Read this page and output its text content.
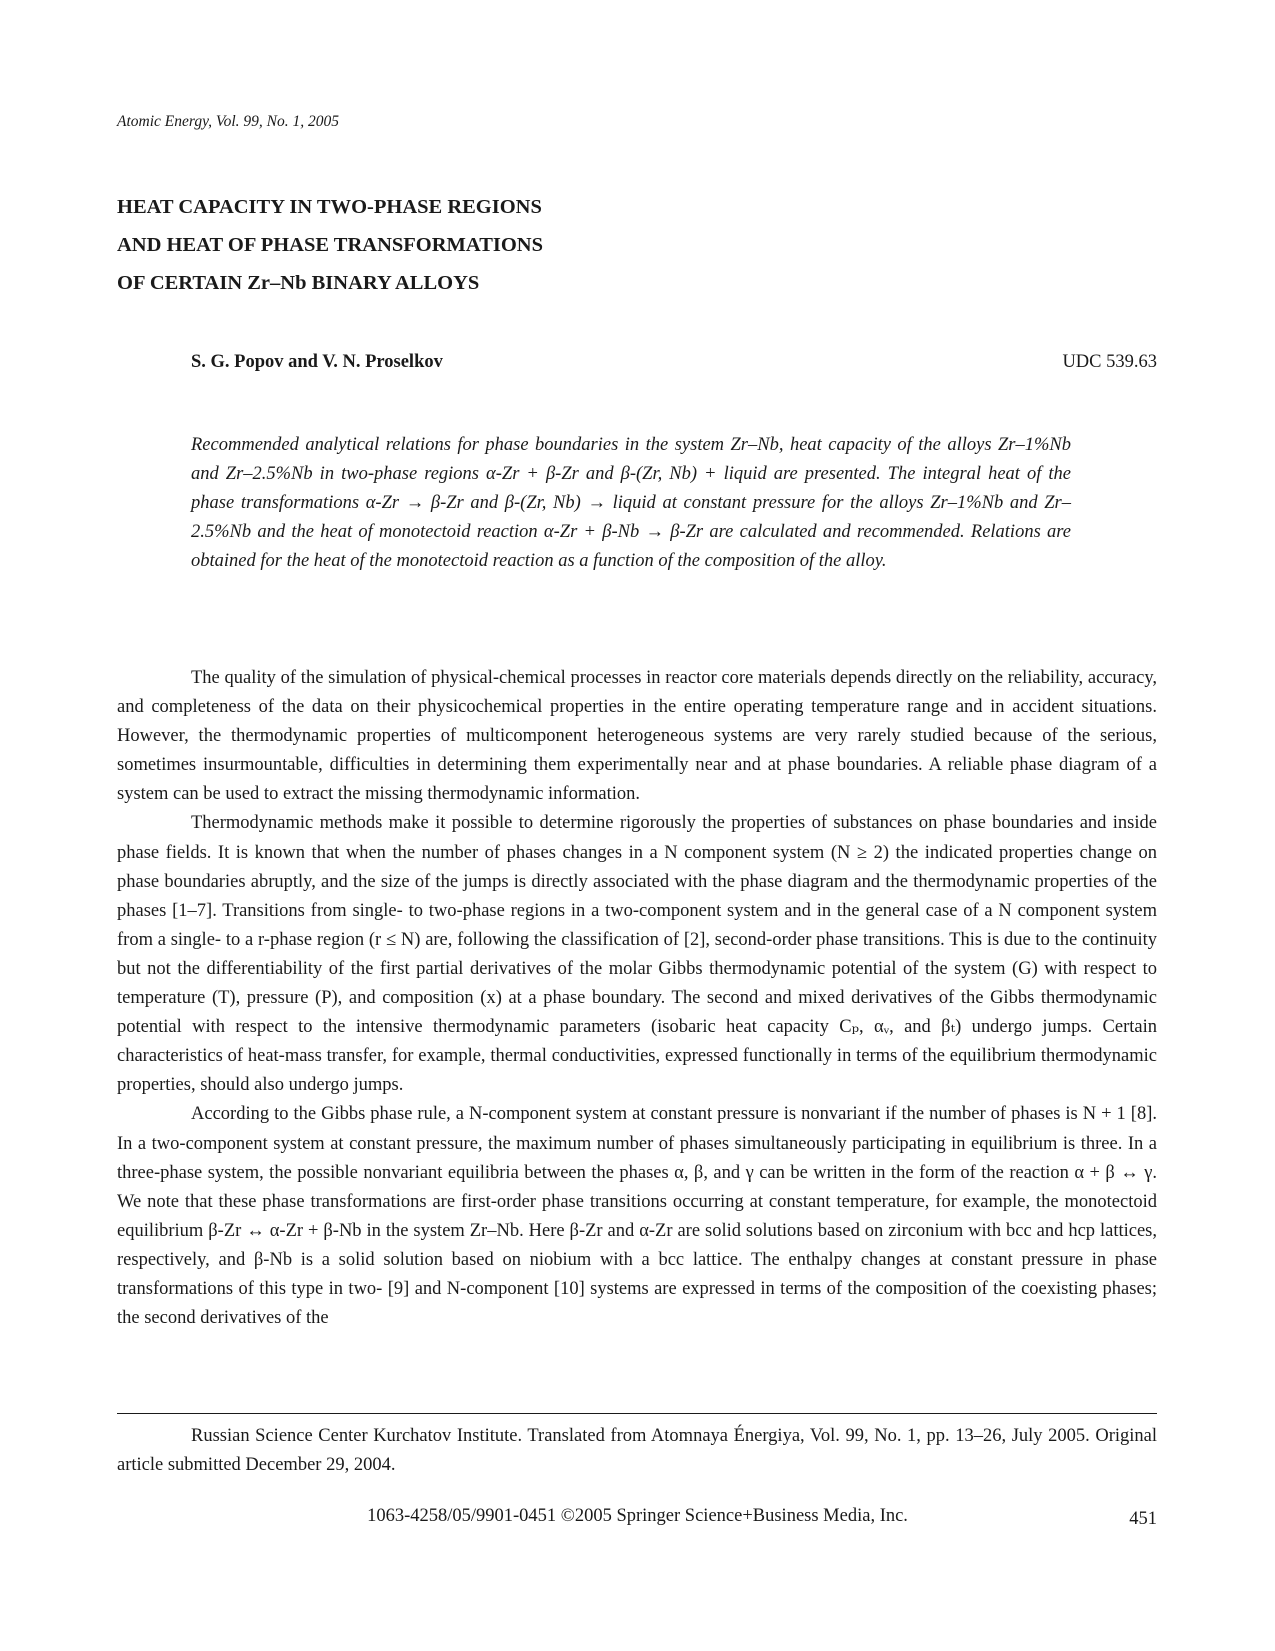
Atomic Energy, Vol. 99, No. 1, 2005

HEAT CAPACITY IN TWO-PHASE REGIONS
AND HEAT OF PHASE TRANSFORMATIONS
OF CERTAIN Zr–Nb BINARY ALLOYS

S. G. Popov and V. N. Proselkov	UDC 539.63

Recommended analytical relations for phase boundaries in the system Zr–Nb, heat capacity of the alloys Zr–1%Nb and Zr–2.5%Nb in two-phase regions α-Zr + β-Zr and β-(Zr, Nb) + liquid are presented. The integral heat of the phase transformations α-Zr → β-Zr and β-(Zr, Nb) → liquid at constant pressure for the alloys Zr–1%Nb and Zr–2.5%Nb and the heat of monotectoid reaction α-Zr + β-Nb → β-Zr are calculated and recommended. Relations are obtained for the heat of the monotectoid reaction as a function of the composition of the alloy.

The quality of the simulation of physical-chemical processes in reactor core materials depends directly on the reliability, accuracy, and completeness of the data on their physicochemical properties in the entire operating temperature range and in accident situations. However, the thermodynamic properties of multicomponent heterogeneous systems are very rarely studied because of the serious, sometimes insurmountable, difficulties in determining them experimentally near and at phase boundaries. A reliable phase diagram of a system can be used to extract the missing thermodynamic information.

Thermodynamic methods make it possible to determine rigorously the properties of substances on phase boundaries and inside phase fields. It is known that when the number of phases changes in a N component system (N ≥ 2) the indicated properties change on phase boundaries abruptly, and the size of the jumps is directly associated with the phase diagram and the thermodynamic properties of the phases [1–7]. Transitions from single- to two-phase regions in a two-component system and in the general case of a N component system from a single- to a r-phase region (r ≤ N) are, following the classification of [2], second-order phase transitions. This is due to the continuity but not the differentiability of the first partial derivatives of the molar Gibbs thermodynamic potential of the system (G) with respect to temperature (T), pressure (P), and composition (x) at a phase boundary. The second and mixed derivatives of the Gibbs thermodynamic potential with respect to the intensive thermodynamic parameters (isobaric heat capacity Cₚ, αᵥ, and βₜ) undergo jumps. Certain characteristics of heat-mass transfer, for example, thermal conductivities, expressed functionally in terms of the equilibrium thermodynamic properties, should also undergo jumps.

According to the Gibbs phase rule, a N-component system at constant pressure is nonvariant if the number of phases is N + 1 [8]. In a two-component system at constant pressure, the maximum number of phases simultaneously participating in equilibrium is three. In a three-phase system, the possible nonvariant equilibria between the phases α, β, and γ can be written in the form of the reaction α + β ↔ γ. We note that these phase transformations are first-order phase transitions occurring at constant temperature, for example, the monotectoid equilibrium β-Zr ↔ α-Zr + β-Nb in the system Zr–Nb. Here β-Zr and α-Zr are solid solutions based on zirconium with bcc and hcp lattices, respectively, and β-Nb is a solid solution based on niobium with a bcc lattice. The enthalpy changes at constant pressure in phase transformations of this type in two- [9] and N-component [10] systems are expressed in terms of the composition of the coexisting phases; the second derivatives of the

Russian Science Center Kurchatov Institute. Translated from Atomnaya Énergiya, Vol. 99, No. 1, pp. 13–26, July 2005. Original article submitted December 29, 2004.

1063-4258/05/9901-0451 ©2005 Springer Science+Business Media, Inc.	451
